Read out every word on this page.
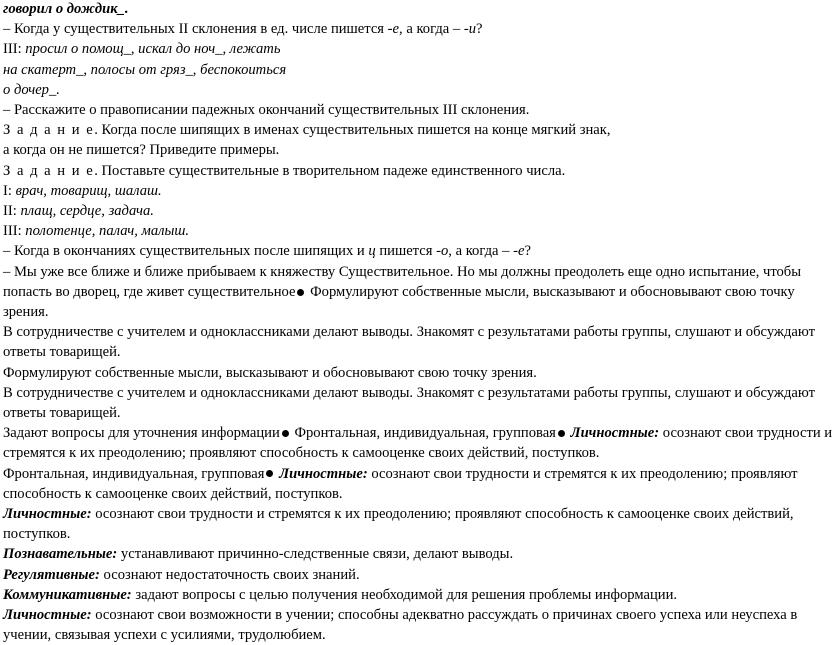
говорил о дождик_.

– Когда у существительных II склонения в ед. числе пишется -е, а когда – -и?

III: просил о помощ_, искал до ноч_, лежать

на скатерт_, полосы от гряз_, беспокоиться

о дочер_.

– Расскажите о правописании падежных окончаний существительных III склонения.

З а д а н и е. Когда после шипящих в именах существительных пишется на конце мягкий знак,

а когда он не пишется? Приведите примеры.

З а д а н и е. Поставьте существительные в творительном падеже единственного числа.

I: врач, товарищ, шалаш.

II: плащ, сердце, задача.

III: полотенце, палач, малыш.

– Когда в окончаниях существительных после шипящих и ц пишется -о, а когда – -е?

– Мы уже все ближе и ближе прибываем к княжеству Существительное. Но мы должны преодолеть еще одно испытание, чтобы

попасть во дворец, где живет существительное Формулируют собственные мысли, высказывают и обосновывают свою точку

зрения.

В сотрудничестве с учителем и одноклассниками делают выводы. Знакомят с результатами работы группы, слушают и обсуждают

ответы товарищей.

Формулируют собственные мысли, высказывают и обосновывают свою точку зрения.

В сотрудничестве с учителем и одноклассниками делают выводы. Знакомят с результатами работы группы, слушают и обсуждают

ответы товарищей.

Задают вопросы для уточнения информации Фронтальная, индивидуальная, групповая Личностные: осознают свои трудности и

стремятся к их преодолению; проявляют способность к самооценке своих действий, поступков.

Фронтальная, индивидуальная, групповая Личностные: осознают свои трудности и стремятся к их преодолению; проявляют

способность к самооценке своих действий, поступков.

Личностные: осознают свои трудности и стремятся к их преодолению; проявляют способность к самооценке своих действий,

поступков.

Познавательные: устанавливают причинно-следственные связи, делают выводы.

Регулятивные: осознают недостаточность своих знаний.

Коммуникативные: задают вопросы с целью получения необходимой для решения проблемы информации.

Личностные: осознают свои возможности в учении; способны адекватно рассуждать о причинах своего успеха или неуспеха в

учении, связывая успехи с усилиями, трудолюбием.
